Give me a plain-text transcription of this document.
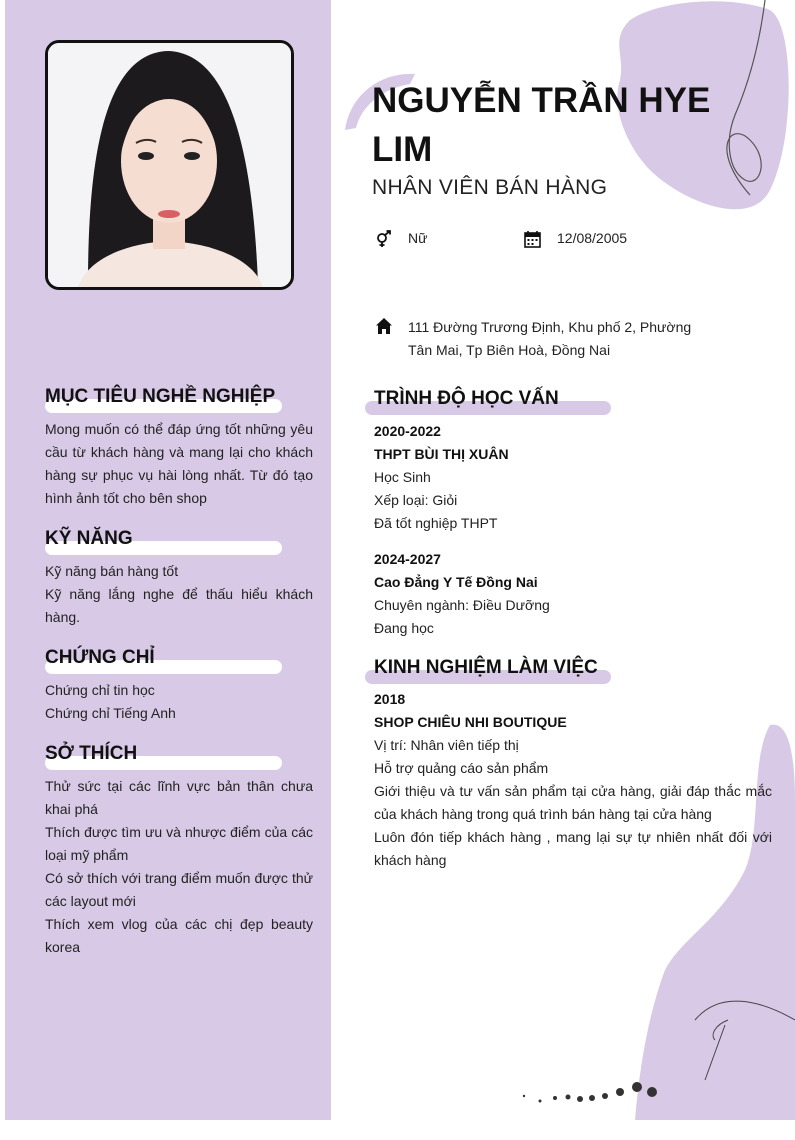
NGUYỄN TRẦN HYE LIM
NHÂN VIÊN BÁN HÀNG
Nữ	12/08/2005
111 Đường Trương Định, Khu phố 2, Phường Tân Mai, Tp Biên Hoà, Đồng Nai
MỤC TIÊU NGHỀ NGHIỆP
Mong muốn có thể đáp ứng tốt những yêu cầu từ khách hàng và mang lại cho khách hàng sự phục vụ hài lòng nhất. Từ đó tạo hình ảnh tốt cho bên shop
KỸ NĂNG

Kỹ năng bán hàng tốt

Kỹ năng lắng nghe để thấu hiểu khách hàng.

CHỨNG CHỈ

Chứng chỉ tin học

Chứng chỉ Tiếng Anh

SỞ THÍCH

Thử sức tại các lĩnh vực bản thân chưa khai phá

Thích được tìm ưu và nhược điểm của các loại mỹ phẩm

Có sở thích với trang điểm muốn được thử các layout mới

Thích xem vlog của các chị đẹp beauty korea

TRÌNH ĐỘ HỌC VẤN

2020-2022

THPT BÙI THỊ XUÂN

Học Sinh

Xếp loại: Giỏi

Đã tốt nghiệp THPT

2024-2027

Cao Đẳng Y Tế Đồng Nai

Chuyên ngành: Điều Dưỡng

Đang học

KINH NGHIỆM LÀM VIỆC

2018

SHOP CHIÊU NHI BOUTIQUE

Vị trí: Nhân viên tiếp thị

Hỗ trợ quảng cáo sản phẩm

Giới thiệu và tư vấn sản phẩm tại cửa hàng, giải đáp thắc mắc của khách hàng trong quá trình bán hàng tại cửa hàng

Luôn đón tiếp khách hàng , mang lại sự tự nhiên nhất đối với khách hàng
